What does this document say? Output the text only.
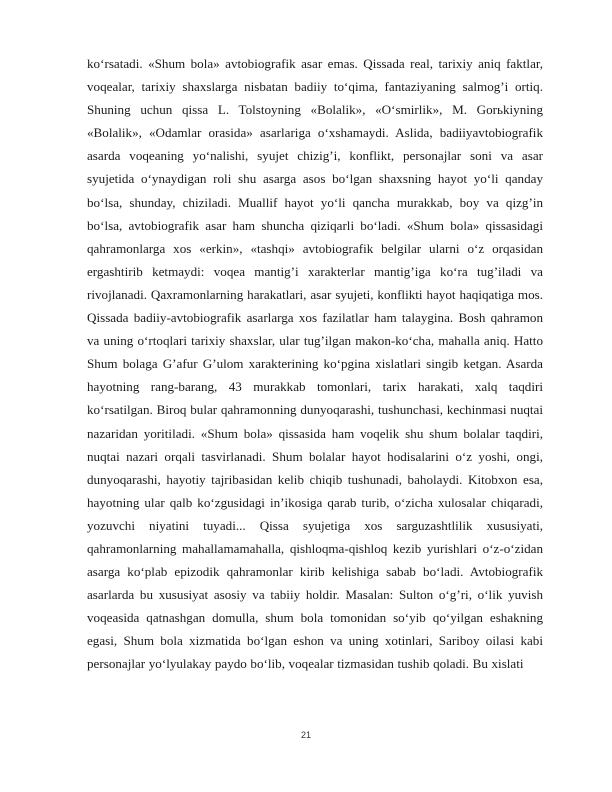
ko‘rsatadi. «Shum bola» avtobiografik asar emas. Qissada real, tarixiy aniq faktlar, voqealar, tarixiy shaxslarga nisbatan badiiy to‘qima, fantaziyaning salmog’i ortiq. Shuning uchun qissa L. Tolstoyning «Bolalik», «O‘smirlik», M. Gorьkiyning «Bolalik», «Odamlar orasida» asarlariga o‘xshamaydi. Aslida, badiiyavtobiografik asarda voqeaning yo‘nalishi, syujet chizig’i, konflikt, personajlar soni va asar syujetida o‘ynaydigan roli shu asarga asos bo‘lgan shaxsning hayot yo‘li qanday bo‘lsa, shunday, chiziladi. Muallif hayot yo‘li qancha murakkab, boy va qizg’in bo‘lsa, avtobiografik asar ham shuncha qiziqarli bo‘ladi. «Shum bola» qissasidagi qahramonlarga xos «erkin», «tashqi» avtobiografik belgilar ularni o‘z orqasidan ergashtirib ketmaydi: voqea mantig’i xarakterlar mantig’iga ko‘ra tug’iladi va rivojlanadi. Qaxramonlarning harakatlari, asar syujeti, konflikti hayot haqiqatiga mos. Qissada badiiy-avtobiografik asarlarga xos fazilatlar ham talaygina. Bosh qahramon va uning o‘rtoqlari tarixiy shaxslar, ular tug’ilgan makon-ko‘cha, mahalla aniq. Hatto Shum bolaga G’afur G’ulom xarakterining ko‘pgina xislatlari singib ketgan. Asarda hayotning rang-barang, 43 murakkab tomonlari, tarix harakati, xalq taqdiri ko‘rsatilgan. Biroq bular qahramonning dunyoqarashi, tushunchasi, kechinmasi nuqtai nazaridan yoritiladi. «Shum bola» qissasida ham voqelik shu shum bolalar taqdiri, nuqtai nazari orqali tasvirlanadi. Shum bolalar hayot hodisalarini o‘z yoshi, ongi, dunyoqarashi, hayotiy tajribasidan kelib chiqib tushunadi, baholaydi. Kitobxon esa, hayotning ular qalb ko‘zgusidagi in’ikosiga qarab turib, o‘zicha xulosalar chiqaradi, yozuvchi niyatini tuyadi... Qissa syujetiga xos sarguzashtlilik xususiyati, qahramonlarning mahallamamahalla, qishloqma-qishloq kezib yurishlari o‘z-o‘zidan asarga ko‘plab epizodik qahramonlar kirib kelishiga sabab bo‘ladi. Avtobiografik asarlarda bu xususiyat asosiy va tabiiy holdir. Masalan: Sulton o‘g’ri, o‘lik yuvish voqeasida qatnashgan domulla, shum bola tomonidan so‘yib qo‘yilgan eshakning egasi, Shum bola xizmatida bo‘lgan eshon va uning xotinlari, Sariboy oilasi kabi personajlar yo‘lyulakay paydo bo‘lib, voqealar tizmasidan tushib qoladi. Bu xislati

21
